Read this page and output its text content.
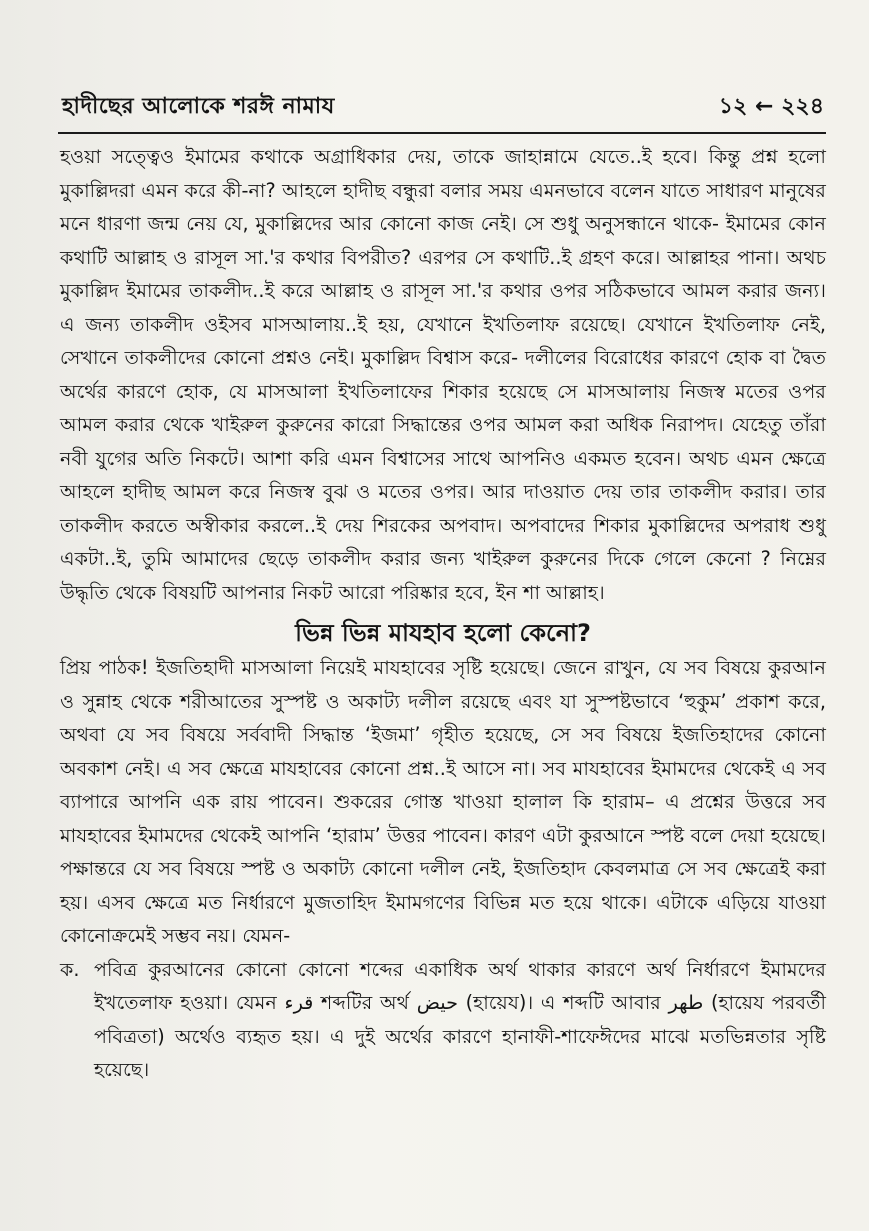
হাদীছের আলোকে শরঈ নামায	১২ ← ২২৪

হওয়া সত্ত্বেও ইমামের কথাকে অগ্রাধিকার দেয়, তাকে জাহান্নামে যেতে..ই হবে। কিন্তু প্রশ্ন হলো মুকাল্লিদরা এমন করে কী-না? আহলে হাদীছ বন্ধুরা বলার সময় এমনভাবে বলেন যাতে সাধারণ মানুষের মনে ধারণা জন্ম নেয় যে, মুকাল্লিদের আর কোনো কাজ নেই। সে শুধু অনুসন্ধানে থাকে- ইমামের কোন কথাটি আল্লাহ ও রাসূল সা.'র কথার বিপরীত? এরপর সে কথাটি..ই গ্রহণ করে। আল্লাহর পানা। অথচ মুকাল্লিদ ইমামের তাকলীদ..ই করে আল্লাহ ও রাসূল সা.'র কথার ওপর সঠিকভাবে আমল করার জন্য। এ জন্য তাকলীদ ওইসব মাসআলায়..ই হয়, যেখানে ইখতিলাফ রয়েছে। যেখানে ইখতিলাফ নেই, সেখানে তাকলীদের কোনো প্রশ্নও নেই। মুকাল্লিদ বিশ্বাস করে- দলীলের বিরোধের কারণে হোক বা দ্বৈত অর্থের কারণে হোক, যে মাসআলা ইখতিলাফের শিকার হয়েছে সে মাসআলায় নিজস্ব মতের ওপর আমল করার থেকে খাইরুল কুরুনের কারো সিদ্ধান্তের ওপর আমল করা অধিক নিরাপদ। যেহেতু তাঁরা নবী যুগের অতি নিকটে। আশা করি এমন বিশ্বাসের সাথে আপনিও একমত হবেন। অথচ এমন ক্ষেত্রে আহলে হাদীছ আমল করে নিজস্ব বুঝ ও মতের ওপর। আর দাওয়াত দেয় তার তাকলীদ করার। তার তাকলীদ করতে অস্বীকার করলে..ই দেয় শিরকের অপবাদ। অপবাদের শিকার মুকাল্লিদের অপরাধ শুধু একটা..ই, তুমি আমাদের ছেড়ে তাকলীদ করার জন্য খাইরুল কুরুনের দিকে গেলে কেনো ? নিম্নের উদ্ধৃতি থেকে বিষয়টি আপনার নিকট আরো পরিষ্কার হবে, ইন শা আল্লাহ।

ভিন্ন ভিন্ন মাযহাব হলো কেনো?

প্রিয় পাঠক! ইজতিহাদী মাসআলা নিয়েই মাযহাবের সৃষ্টি হয়েছে। জেনে রাখুন, যে সব বিষয়ে কুরআন ও সুন্নাহ থেকে শরীআতের সুস্পষ্ট ও অকাট্য দলীল রয়েছে এবং যা সুস্পষ্টভাবে ‘হুকুম’ প্রকাশ করে, অথবা যে সব বিষয়ে সর্ববাদী সিদ্ধান্ত ‘ইজমা’ গৃহীত হয়েছে, সে সব বিষয়ে ইজতিহাদের কোনো অবকাশ নেই। এ সব ক্ষেত্রে মাযহাবের কোনো প্রশ্ন..ই আসে না। সব মাযহাবের ইমামদের থেকেই এ সব ব্যাপারে আপনি এক রায় পাবেন। শুকরের গোস্ত খাওয়া হালাল কি হারাম– এ প্রশ্নের উত্তরে সব মাযহাবের ইমামদের থেকেই আপনি ‘হারাম’ উত্তর পাবেন। কারণ এটা কুরআনে স্পষ্ট বলে দেয়া হয়েছে। পক্ষান্তরে যে সব বিষয়ে স্পষ্ট ও অকাট্য কোনো দলীল নেই, ইজতিহাদ কেবলমাত্র সে সব ক্ষেত্রেই করা হয়। এসব ক্ষেত্রে মত নির্ধারণে মুজতাহিদ ইমামগণের বিভিন্ন মত হয়ে থাকে। এটাকে এড়িয়ে যাওয়া কোনোক্রমেই সম্ভব নয়। যেমন-

ক. পবিত্র কুরআনের কোনো কোনো শব্দের একাধিক অর্থ থাকার কারণে অর্থ নির্ধারণে ইমামদের ইখতেলাফ হওয়া। যেমন قرء শব্দটির অর্থ حيض (হায়েয)। এ শব্দটি আবার طهر (হায়েয পরবর্তী পবিত্রতা) অর্থেও ব্যহৃত হয়। এ দুই অর্থের কারণে হানাফী-শাফেঈদের মাঝে মতভিন্নতার সৃষ্টি হয়েছে।
